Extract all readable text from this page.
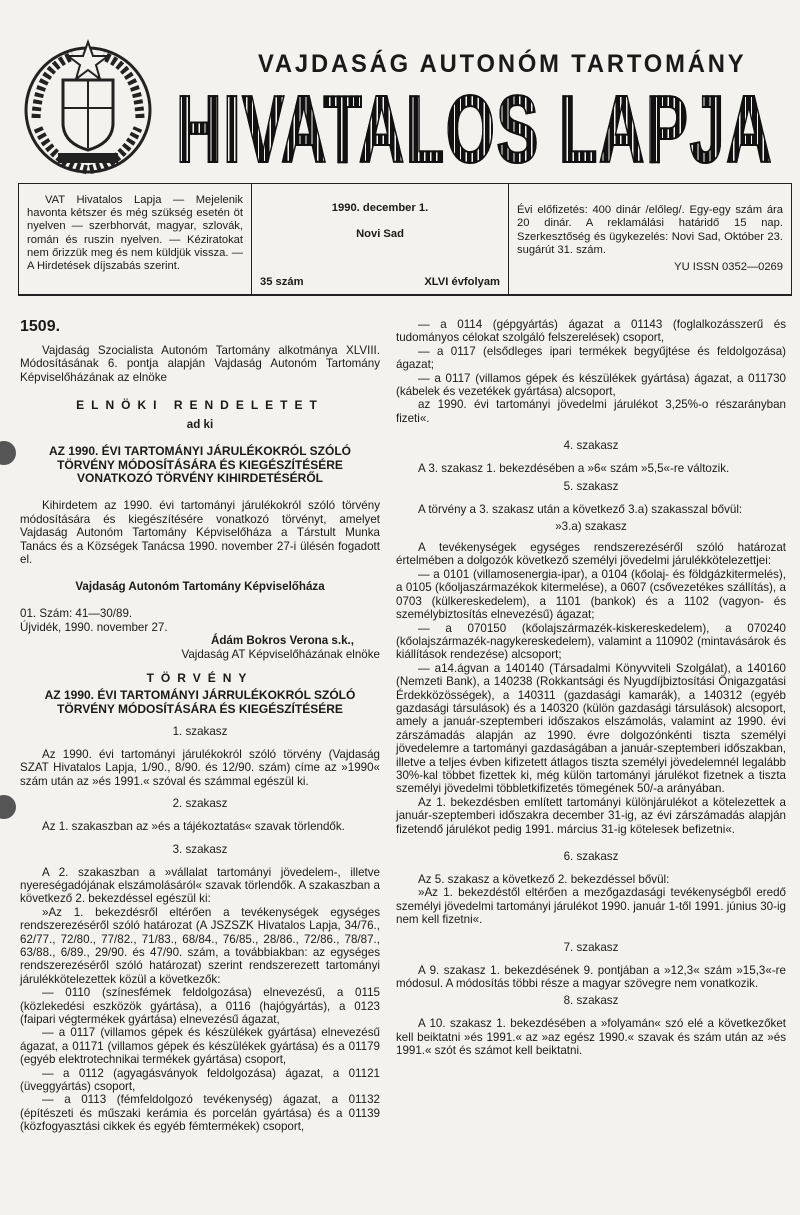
VAJDASÁG AUTONÓM TARTOMÁNY
HIVATALOS LAPJA
VAT Hivatalos Lapja — Mejelenik havonta kétszer és még szükség esetén öt nyelven — szerbhorvát, magyar, szlovák, román és ruszin nyelven. — Kéziratokat nem őrizzük meg és nem küldjük vissza. — A Hirdetések díjszabás szerint.
1990. december 1.
Novi Sad
35 szám	XLVI évfolyam
Évi előfizetés: 400 dinár /előleg/. Egy-egy szám ára 20 dinár. A reklamálási határidő 15 nap. Szerkesztőség és ügykezelés: Novi Sad, Október 23. sugárút 31. szám.
YU ISSN 0352—0269
1509.

Vajdaság Szocialista Autonóm Tartomány alkotmánya XLVIII. Módosításának 6. pontja alapján Vajdaság Autonóm Tartomány Képviselőházának az elnöke

ELNÖKI RENDELETET
ad ki

AZ 1990. ÉVI TARTOMÁNYI JÁRULÉKOKRÓL SZÓLÓ TÖRVÉNY MÓDOSÍTÁSÁRA ÉS KIEGÉSZÍTÉSÉRE VONATKOZÓ TÖRVÉNY KIHIRDETÉSÉRŐL

Kihirdetem az 1990. évi tartományi járulékokról szóló törvény módosítására és kiegészítésére vonatkozó törvényt, amelyet Vajdaság Autonóm Tartomány Képviselőháza a Társtult Munka Tanács és a Községek Tanácsa 1990. november 27-i ülésén fogadott el.

Vajdaság Autonóm Tartomány Képviselőháza
01. Szám: 41—30/89.
Újvidék, 1990. november 27.
Ádám Bokros Verona s.k.,
Vajdaság AT Képviselőházának elnöke
TÖRVÉNY

AZ 1990. ÉVI TARTOMÁNYI JÁRRULÉKOKRÓL SZÓLÓ TÖRVÉNY MÓDOSÍTÁSÁRA ÉS KIEGÉSZÍTÉSÉRE

1. szakasz

Az 1990. évi tartományi járulékokról szóló törvény (Vajdaság SZAT Hivatalos Lapja, 1/90., 8/90. és 12/90. szám) címe az »1990« szám után az »és 1991.« szóval és számmal egészül ki.

2. szakasz

Az 1. szakaszban az »és a tájékoztatás« szavak törlendők.

3. szakasz

A 2. szakaszban a »vállalat tartományi jövedelem-, illetve nyereségadójának elszámolásáról« szavak törlendők. A szakaszban a következő 2. bekezdéssel egészül ki:

»Az 1. bekezdésről eltérően a tevékenységek egységes rendszerezéséről szóló határozat (A JSZSZK Hivatalos Lapja, 34/76., 62/77., 72/80., 77/82., 71/83., 68/84., 76/85., 28/86., 72/86., 78/87., 63/88., 6/89., 29/90. és 47/90. szám, a továbbiakban: az egységes rendszerezéséről szóló határozat) szerint rendszerezett tartományi járulékkötelezettek közül a következők:

— 0110 (színesfémek feldolgozása) elnevezésű, a 0115 (közlekedési eszközök gyártása), a 0116 (hajógyártás), a 0123 (faipari végtermékek gyártása) elnevezésű ágazat,

— a 0117 (villamos gépek és készülékek gyártása) elnevezésű ágazat, a 01171 (villamos gépek és készülékek gyártása) és a 01179 (egyéb elektrotechnikai termékek gyártása) csoport,

— a 0112 (agyagásványok feldolgozása) ágazat, a 01121 (üveggyártás) csoport,

— a 0113 (fémfeldolgozó tevékenység) ágazat, a 01132 (építészeti és műszaki kerámia és porcelán gyártása) és a 01139 (közfogyasztási cikkek és egyéb fémtermékek) csoport,

— a 0114 (gépgyártás) ágazat a 01143 (foglalkozásszerű és tudományos célokat szolgáló felszerelések) csoport,

— a 0117 (elsődleges ipari termékek begyűjtése és feldolgozása) ágazat;

— a 0117 (villamos gépek és készülékek gyártása) ágazat, a 011730 (kábelek és vezetékek gyártása) alcsoport,

az 1990. évi tartományi jövedelmi járulékot 3,25%-o részarányban fizeti«.

4. szakasz

A 3. szakasz 1. bekezdésében a »6« szám »5,5«-re változik.

5. szakasz

A törvény a 3. szakasz után a következő 3.a) szakasszal bővül:

»3.a) szakasz

A tevékenységek egységes rendszerezéséről szóló határozat értelmében a dolgozók következő személyi jövedelmi járulékkötelezettjei:

— a 0101 (villamosenergia-ipar), a 0104 (kőolaj- és földgázkitermelés), a 0105 (kőoljaszármazékok kitermelése), a 0607 (csővezetékes szállítás), a 0703 (külkereskedelem), a 1101 (bankok) és a 1102 (vagyon- és személybiztosítás elnevezésű) ágazat;

— a 070150 (kőolajszármazék-kiskereskedelem), a 070240 (kőolajszármazék-nagykereskedelem), valamint a 110902 (mintavásárok és kiállítások rendezése) alcsoport;

— a14.ágvan a 140140 (Társadalmi Könyvviteli Szolgálat), a 140160 (Nemzeti Bank), a 140238 (Rokkantsági és Nyugdíjbiztosítási Önigazgatási Érdekközösségek), a 140311 (gazdasági kamarák), a 140312 (egyéb gazdasági társulások) és a 140320 (külön gazdasági társulások) alcsoport, amely a január-szeptemberi időszakos elszámolás, valamint az 1990. évi zárszámadás alapján az 1990. évre dolgozónkénti tiszta személyi jövedelemre a tartományi gazdaságában a január-szeptemberi időszakban, illetve a teljes évben kifizetett átlagos tiszta személyi jövedelemnél legalább 30%-kal többet fizettek ki, még külön tartományi járulékot fizetnek a tiszta személyi jövedelmi többletkifizetés tömegének 50/-a arányában.

Az 1. bekezdésben említett tartományi különjárulékot a kötelezettek a január-szeptemberi időszakra december 31-ig, az évi zárszámadás alapján fizetendő járulékot pedig 1991. március 31-ig kötelesek befizetni«.

6. szakasz

Az 5. szakasz a következő 2. bekezdéssel bővül:

»Az 1. bekezdéstől eltérően a mezőgazdasági tevékenységből eredő személyi jövedelmi tartományi járulékot 1990. január 1-től 1991. június 30-ig nem kell fizetni«.

7. szakasz

A 9. szakasz 1. bekezdésének 9. pontjában a »12,3« szám »15,3«-re módosul. A módosítás többi része a magyar szövegre nem vonatkozik.

8. szakasz

A 10. szakasz 1. bekezdésében a »folyamán« szó elé a következőket kell beiktatni »és 1991.« az »az egész 1990.« szavak és szám után az »és 1991.« szót és számot kell beiktatni.
